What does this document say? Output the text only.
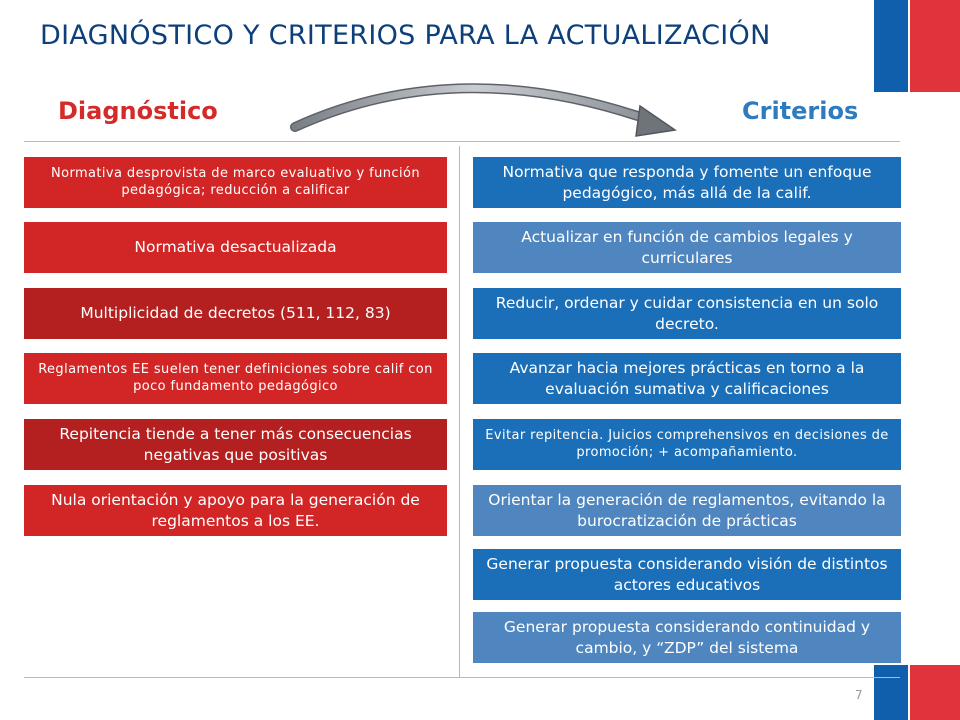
DIAGNÓSTICO Y CRITERIOS PARA LA ACTUALIZACIÓN
Diagnóstico	Criterios
Normativa desprovista de marco evaluativo y función pedagógica; reducción a calificar
Normativa desactualizada
Multiplicidad de decretos (511, 112, 83)
Reglamentos EE suelen tener definiciones sobre calif con poco fundamento pedagógico
Repitencia tiende a tener más consecuencias negativas que positivas
Nula orientación y apoyo para la generación de reglamentos a los EE.
Normativa que responda y fomente un enfoque pedagógico, más allá de la calif.
Actualizar en función de cambios legales y curriculares
Reducir, ordenar y cuidar consistencia en un solo decreto.
Avanzar hacia mejores prácticas en torno a la evaluación sumativa y calificaciones
Evitar repitencia. Juicios comprehensivos en decisiones de promoción; + acompañamiento.
Orientar la generación de reglamentos, evitando la burocratización de prácticas
Generar propuesta considerando visión de distintos actores educativos
Generar propuesta considerando continuidad y cambio, y “ZDP” del sistema
7
